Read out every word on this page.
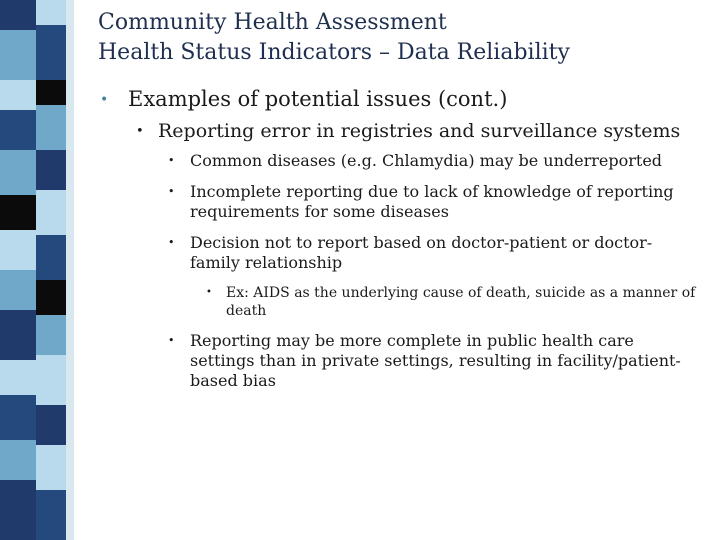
Community Health Assessment
Health Status Indicators – Data Reliability
• Examples of potential issues (cont.)
• Reporting error in registries and surveillance systems
• Common diseases (e.g. Chlamydia) may be underreported
• Incomplete reporting due to lack of knowledge of reporting requirements for some diseases
• Decision not to report based on doctor-patient or doctor-family relationship
• Ex: AIDS as the underlying cause of death, suicide as a manner of death
• Reporting may be more complete in public health care settings than in private settings, resulting in facility/patient-based bias
